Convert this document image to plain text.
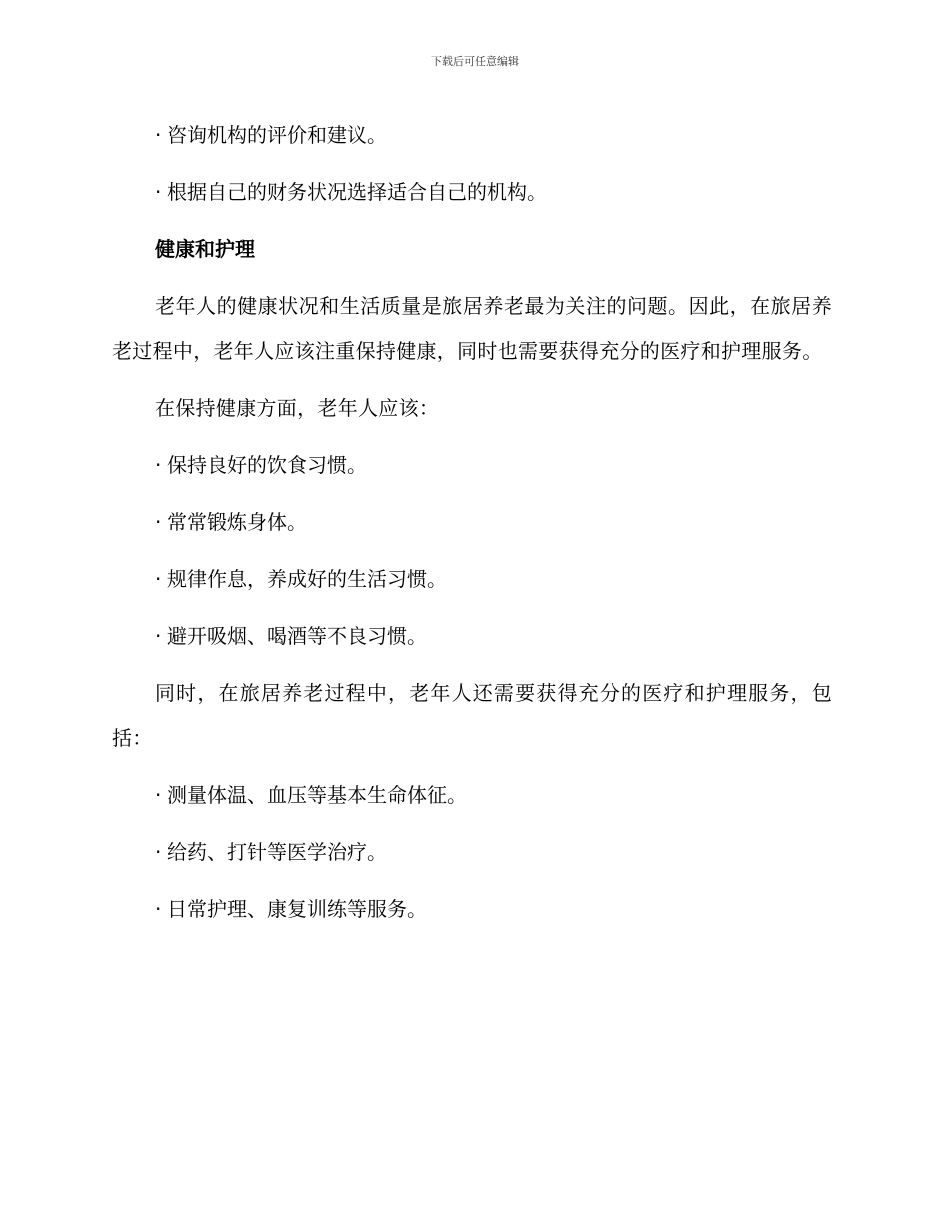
下载后可任意编辑

· 咨询机构的评价和建议。

· 根据自己的财务状况选择适合自己的机构。

健康和护理

老年人的健康状况和生活质量是旅居养老最为关注的问题。因此，在旅居养老过程中，老年人应该注重保持健康，同时也需要获得充分的医疗和护理服务。

在保持健康方面，老年人应该：

· 保持良好的饮食习惯。

· 常常锻炼身体。

· 规律作息，养成好的生活习惯。

· 避开吸烟、喝酒等不良习惯。

同时，在旅居养老过程中，老年人还需要获得充分的医疗和护理服务，包括：

· 测量体温、血压等基本生命体征。

· 给药、打针等医学治疗。

· 日常护理、康复训练等服务。
